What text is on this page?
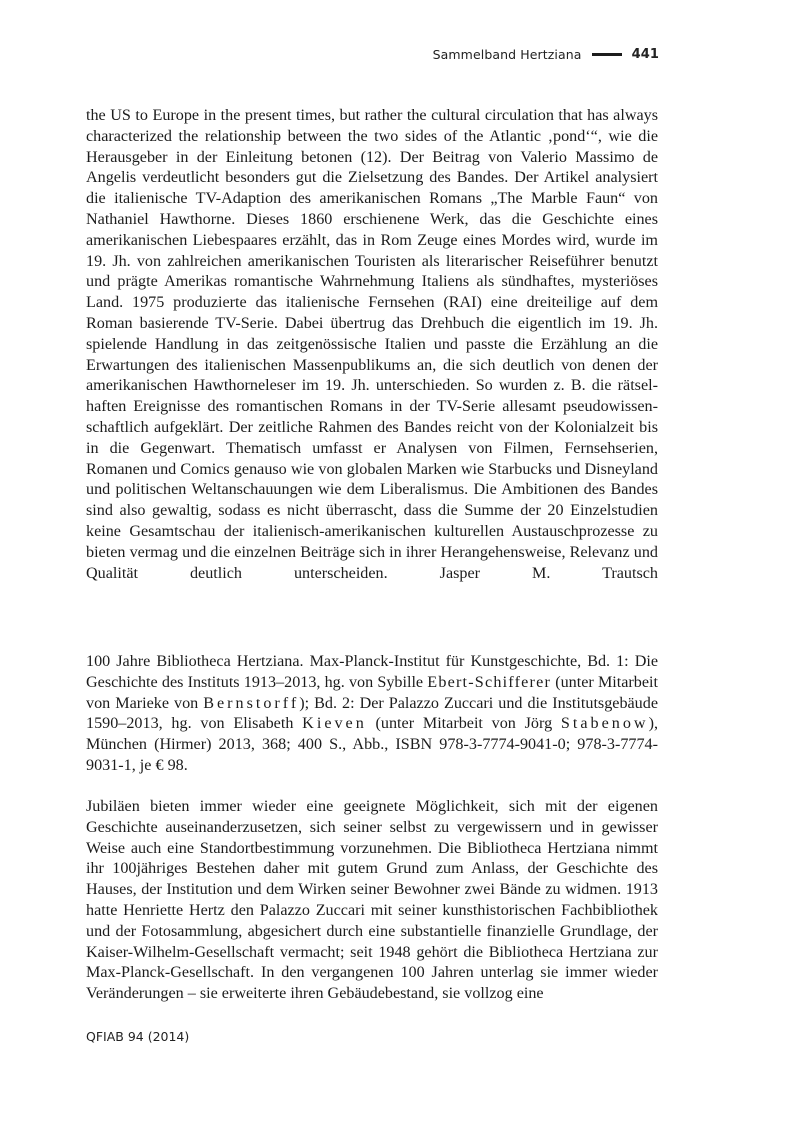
Sammelband Hertziana	441

the US to Europe in the present times, but rather the cultural circulation that has always characterized the relationship between the two sides of the Atlantic ‚pond‘“, wie die Herausgeber in der Einleitung betonen (12). Der Beitrag von Valerio Massimo de Angelis verdeutlicht besonders gut die Zielsetzung des Bandes. Der Artikel analysiert die italienische TV-Adaption des amerikanischen Romans „The Marble Faun“ von Nathaniel Hawthorne. Dieses 1860 erschienene Werk, das die Geschichte eines amerikanischen Liebespaares erzählt, das in Rom Zeuge eines Mordes wird, wurde im 19. Jh. von zahlreichen amerikanischen Touristen als literarischer Reiseführer benutzt und prägte Amerikas romantische Wahrnehmung Italiens als sündhaftes, mysteriöses Land. 1975 produzierte das italienische Fernsehen (RAI) eine dreiteilige auf dem Roman basierende TV-Serie. Dabei übertrug das Drehbuch die eigentlich im 19. Jh. spielende Handlung in das zeitgenössische Italien und passte die Erzählung an die Erwartungen des italienischen Massenpublikums an, die sich deutlich von denen der amerikanischen Hawthorneleser im 19. Jh. unterschieden. So wurden z. B. die rätselhaften Ereignisse des romantischen Romans in der TV-Serie allesamt pseudowissenschaftlich aufgeklärt. Der zeitliche Rahmen des Bandes reicht von der Kolonialzeit bis in die Gegenwart. Thematisch umfasst er Analysen von Filmen, Fernsehserien, Romanen und Comics genauso wie von globalen Marken wie Starbucks und Disneyland und politischen Weltanschauungen wie dem Liberalismus. Die Ambitionen des Bandes sind also gewaltig, sodass es nicht überrascht, dass die Summe der 20 Einzelstudien keine Gesamtschau der italienisch-amerikanischen kulturellen Austauschprozesse zu bieten vermag und die einzelnen Beiträge sich in ihrer Herangehensweise, Relevanz und Qualität deutlich unterscheiden.	Jasper M. Trautsch

100 Jahre Bibliotheca Hertziana. Max-Planck-Institut für Kunstgeschichte, Bd. 1: Die Geschichte des Instituts 1913–2013, hg. von Sybille Ebert-Schifferer (unter Mitarbeit von Marieke von Bernstorff); Bd. 2: Der Palazzo Zuccari und die Institutsgebäude 1590–2013, hg. von Elisabeth Kieven (unter Mitarbeit von Jörg Stabenow), München (Hirmer) 2013, 368; 400 S., Abb., ISBN 978-3-7774-9041-0; 978-3-7774-9031-1, je € 98.

Jubiläen bieten immer wieder eine geeignete Möglichkeit, sich mit der eigenen Geschichte auseinanderzusetzen, sich seiner selbst zu vergewissern und in gewisser Weise auch eine Standortbestimmung vorzunehmen. Die Bibliotheca Hertziana nimmt ihr 100jähriges Bestehen daher mit gutem Grund zum Anlass, der Geschichte des Hauses, der Institution und dem Wirken seiner Bewohner zwei Bände zu widmen. 1913 hatte Henriette Hertz den Palazzo Zuccari mit seiner kunsthistorischen Fachbibliothek und der Fotosammlung, abgesichert durch eine substantielle finanzielle Grundlage, der Kaiser-Wilhelm-Gesellschaft vermacht; seit 1948 gehört die Bibliotheca Hertziana zur Max-Planck-Gesellschaft. In den vergangenen 100 Jahren unterlag sie immer wieder Veränderungen – sie erweiterte ihren Gebäudebestand, sie vollzog eine

QFIAB 94 (2014)
